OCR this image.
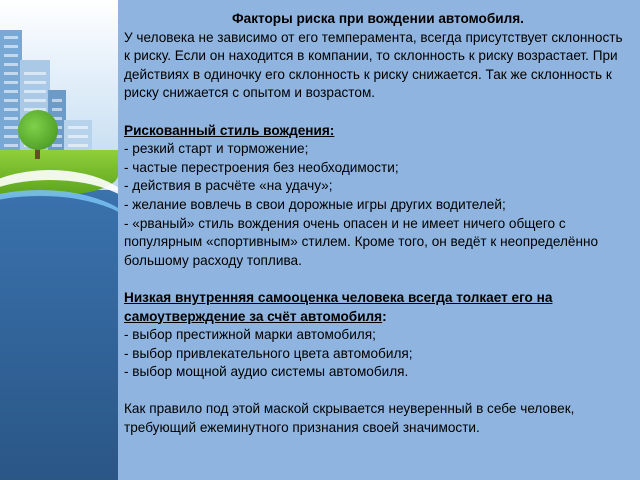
Факторы риска при вождении автомобиля.

У человека не зависимо от его темперамента, всегда присутствует склонность к риску. Если он находится в компании, то склонность к риску возрастает. При действиях в одиночку его склонность к риску снижается. Так же склонность к риску снижается с опытом и возрастом.

Рискованный стиль вождения:

- резкий старт и торможение;

- частые перестроения без необходимости;

- действия в расчёте «на удачу»;

- желание вовлечь в свои дорожные игры других водителей;

- «рваный» стиль вождения очень опасен и не имеет ничего общего с популярным «спортивным» стилем. Кроме того, он ведёт к неопределённо большому расходу топлива.

Низкая внутренняя самооценка человека всегда толкает его на самоутверждение за счёт автомобиля:

- выбор престижной марки автомобиля;

- выбор привлекательного цвета автомобиля;

- выбор мощной аудио системы автомобиля.

Как правило под этой маской скрывается неуверенный в себе человек, требующий ежеминутного признания своей значимости.
